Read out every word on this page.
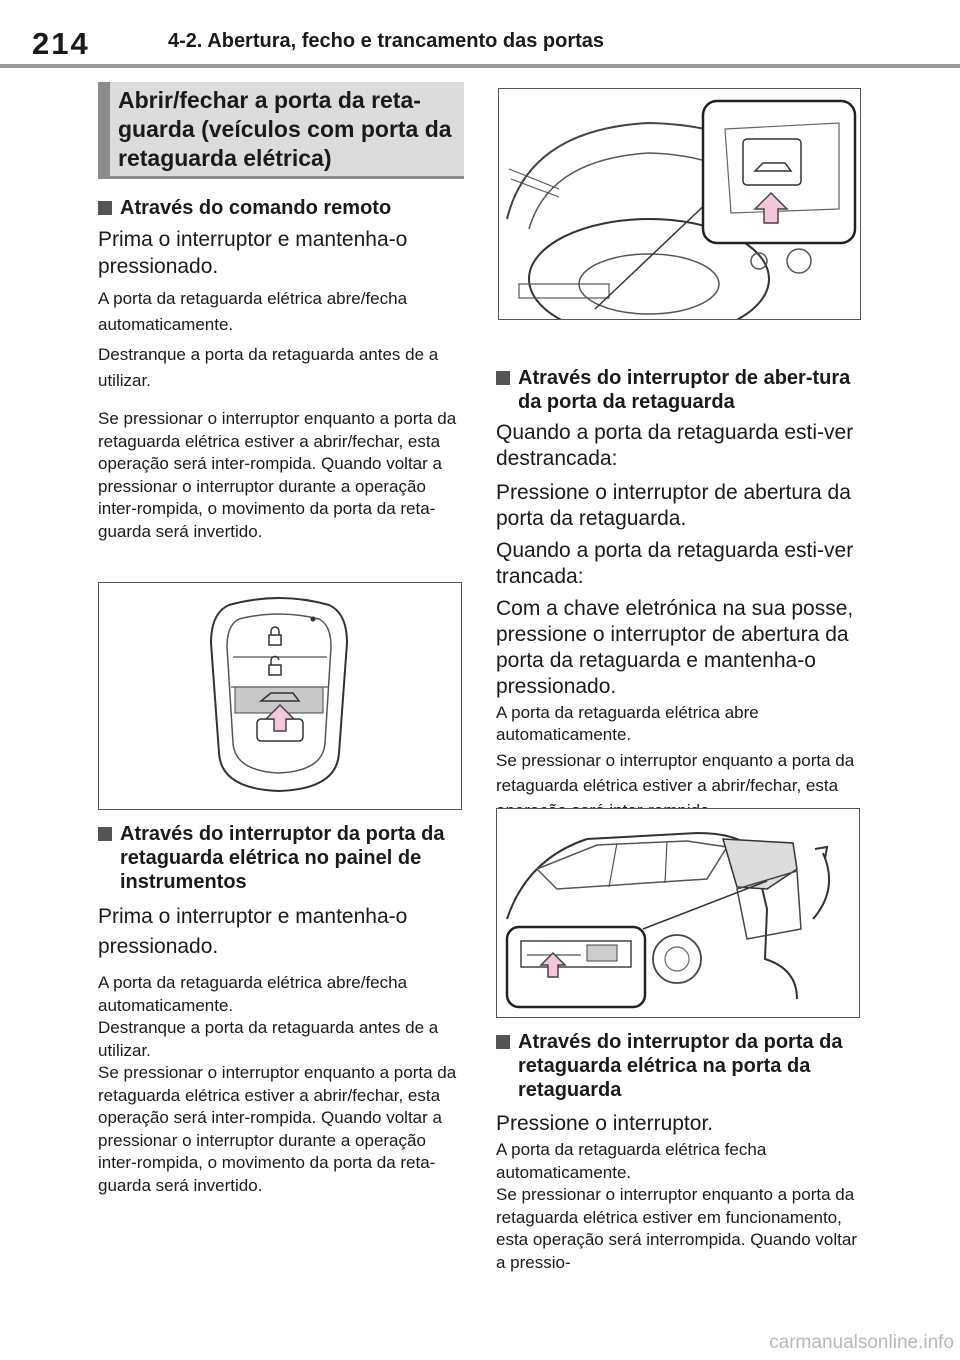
214	4-2. Abertura, fecho e trancamento das portas
Abrir/fechar a porta da reta-guarda (veículos com porta da retaguarda elétrica)
Através do comando remoto

Prima o interruptor e mantenha-o pressionado.

A porta da retaguarda elétrica abre/fecha automaticamente.

Destranque a porta da retaguarda antes de a utilizar.

Se pressionar o interruptor enquanto a porta da retaguarda elétrica estiver a abrir/fechar, esta operação será inter-rompida. Quando voltar a pressionar o interruptor durante a operação inter-rompida, o movimento da porta da reta-guarda será invertido.

Através do interruptor da porta da retaguarda elétrica no painel de instrumentos

Prima o interruptor e mantenha-o pressionado.

A porta da retaguarda elétrica abre/fecha automaticamente.

Destranque a porta da retaguarda antes de a utilizar.

Se pressionar o interruptor enquanto a porta da retaguarda elétrica estiver a abrir/fechar, esta operação será inter-rompida. Quando voltar a pressionar o interruptor durante a operação inter-rompida, o movimento da porta da reta-guarda será invertido.

Através do interruptor de aber-tura da porta da retaguarda

Quando a porta da retaguarda esti-ver destrancada:

Pressione o interruptor de abertura da porta da retaguarda.

Quando a porta da retaguarda esti-ver trancada:

Com a chave eletrónica na sua posse, pressione o interruptor de abertura da porta da retaguarda e mantenha-o pressionado.

A porta da retaguarda elétrica abre automaticamente.

Se pressionar o interruptor enquanto a porta da retaguarda elétrica estiver a abrir/fechar, esta

Através do interruptor da porta da retaguarda elétrica na porta da retaguarda

Pressione o interruptor.

A porta da retaguarda elétrica fecha automaticamente.

Se pressionar o interruptor enquanto a porta da retaguarda elétrica estiver em funcionamento, esta operação será interrompida. Quando voltar a pressio-

carmanualsonline.info
